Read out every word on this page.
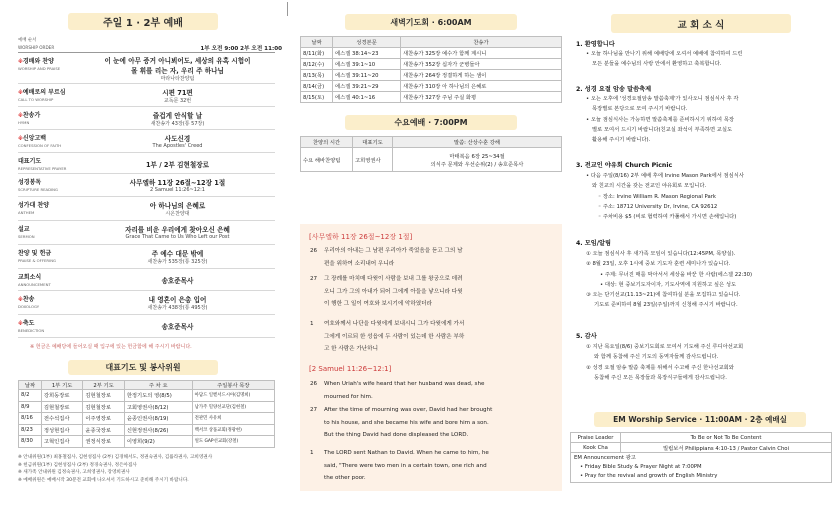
주일 1 · 2부 예배
예배 순서
WORSHIP ORDER	1부 오전 9:00 2부 오전 11:00
※경배와 찬양
WORSHIP AND PRAISE
이 눈에 아무 증거 아니뵈어도, 세상의 유혹 시험이
몰 휘를 리는 자, 우리 주 하나님
마라나타찬양팀
※예배로의 부르심
CALL TO WORSHIP
시편 71편
교독문 32번
※찬송가
HYMN
즐겁게 안식할 날
새찬송가 43장(통 57장)
※신앙고백
CONFESSION OF FAITH
사도신경
The Apostles' Creed
대표기도
REPRESENTATIVE PRAYER	1부 / 2부 김현철장로
성경봉독
SCRIPTURE READING
사무엘하 11장 26절~12장 1절
2 Samuel 11:26~12:1
성가대 찬양
ANTHEM
아 하나님의 은혜로
시온찬양대
설교
SERMON
자리를 비운 우리에게 찾아오신 은혜
Grace That Came to Us Who Left our Post
찬양 및 헌금
PRAISE & OFFERING
주 예수 대문 밖에
새찬송가 535장(통 325장)
교회소식
ANNOUNCEMENT	송호준목사
※찬송
DOXOLOGY
내 영혼이 은총 입어
새찬송가 438장(통 495장)
※축도
BENEDICTION	송호준목사
※ 헌금은 예배당에 들어오실 때 입구에 있는 헌금함에 해 주시기 바랍니다.
대표기도 및 봉사위원
날짜	1부 기도	2부 기도	주 차 요	주일봉사 목장
8/2	강희동장로	김현철장로	한정기도의 영(8/5)	아담드 일벧서드시아(김명희)
8/9	김현철장로	김현철장로	고회영권사(8/12)	남가주 밀양선교단(김현철)
8/16	전수석집사	이주영장로	윤종인권사(8/19)	전관민 사유희
8/23	정성현집사	윤종국장로	신현정권사(8/26)	백서코 상품교회(정광현)
8/30	고혁인집사	권정식장로	이영희(9/2)	얼도 GAP선교회(강철)
※ 안내위원(1부) 최홍철집사, 김현성집사 (2부) 김경해서도, 정권숙권사, 김률라권사, 고희영권사
※ 헌금위원(1부) 김현성집사 (2부) 정경숙권사, 정은아집사
※ 새가족 안내위원 김정숙권사, 고희영권사, 장영희권사
※ 예배위원은 예배시작 30분전 교회에 나오셔서 기도하시고 준비해 주시기 바랍니다.
새벽기도회 · 6:00AM
날짜	성경본문	찬송가
8/11(화)	에스겔 38:14~23	새찬송가 325장 예수가 함께 계시니
8/12(수)	에스겔 39:1~10	새찬송가 352장 십자가 군병들아
8/13(목)	에스겔 39:11~20	새찬송가 264장 정결하게 하는 샘이
8/14(금)	에스겔 39:21~29	새찬송가 310장 아 하나님의 은혜로
8/15(토)	에스겔 40:1~16	새찬송가 327장 주님 주실 화평
수요예배 · 7:00PM
찬양의 시간	대표기도	말씀: 산상수훈 강해
수요 해바찬양팀	고희영권사	마태복음 6장 25~34절
의식주 문제와 우선순위(2) / 송호준목사
[사무엘하 11장 26절~12장 1절]
26 우리아의 아내는 그 남편 우리아가 죽었음을 듣고 그의 남
편을 위하여 소리내어 우니라
27 그 장례를 마치매 다윗이 사람을 보내 그를 왕궁으로 데려
오니 그가 그의 아내가 되어 그에게 아들을 낳으니라 다윗
이 행한 그 일이 여호와 보시기에 악하였더라
1 여호와께서 나단을 다윗에게 보내시니 그가 다윗에게 가서
그에게 이르되 한 성읍에 두 사람이 있는데 한 사람은 부하
고 한 사람은 가난하니
[2 Samuel 11:26~12:1]
26 When Uriah's wife heard that her husband was dead, she
mourned for him.
27 After the time of mourning was over, David had her brought
to his house, and she became his wife and bore him a son.
But the thing David had done displeased the LORD.
1 The LORD sent Nathan to David. When he came to him, he
said, "There were two men in a certain town, one rich and
the other poor.
교 회 소 식
1. 환영합니다
• 오늘 하나님을 만나기 위해 예배당에 오셔서 예배에 참여하여 드린
모든 분들을 예수님의 사랑 안에서 환영하고 축복합니다.
2. 성경 요절 암송 말씀축제
• 오는 오후에 '성경요절암송 말씀축제'가 있사오니 점심식사 후 각
목장별로 본당으로 모여 주시기 바랍니다.
• 오늘 점심식사는 가능하면 말씀축제를 준비하시기 위하여 목장
별로 모여서 드시기 바랍니다(친교실 좌석이 부족하면 교실도
활용해 주시기 바랍니다).
3. 전교인 야유회 Church Picnic
• 다음 주일(8/16) 2부 예배 후에 Irvine Mason Park에서 점심식사
와 친교의 시간을 갖는 전교인 야유회로 모입니다.
◦ 장소: Irvine William R. Mason Regional Park
◦ 주소: 18712 University Dr, Irvine, CA 92612
◦ 주차비용 $5 (비로 협력하여 카풀해서 가시면 손해입니다)
4. 모임/알림
① 오늘 점심식사 후 새가족 모임이 있습니다(12:45PM, 목양실).
② 8월 23일, 오후 1시에 중보 기도자 훈련 세미나가 있습니다.
• 주제: 무너진 매를 막아서서 세상을 바꾼 한 사람(에스겔 22:30)
• 대상: 현 중보기도자이자, 기도사역에 지원하고 싶은 성도
③ 오는 단기선교(11.13~21)에 참여하실 분을 모집하고 있습니다.
기도로 준비하여 8월 23일(주일)까지 신청해 주시기 바랍니다.
5. 감사
① 지난 목요일(8/6) 중보기도회로 모여서 기도해 주신 루디아선교회
와 함께 동참해 주신 기도의 동역자들께 감사드립니다.
② 성경 요절 암송 말씀 축제를 위해서 수고해 주신 한나선교회와
동참해 주신 모든 목장들과 목장식구들에게 감사드립니다.
EM Worship Service · 11:00AM · 2층 예배실
Praise Leader	To Be or Not To Be Content
Kook Cha	빌립보서 Philippians 4:10-13 / Pastor Calvin Choi

EM Announcement 광고
• Friday Bible Study & Prayer Night at 7:00PM
• Pray for the revival and growth of English Ministry	
